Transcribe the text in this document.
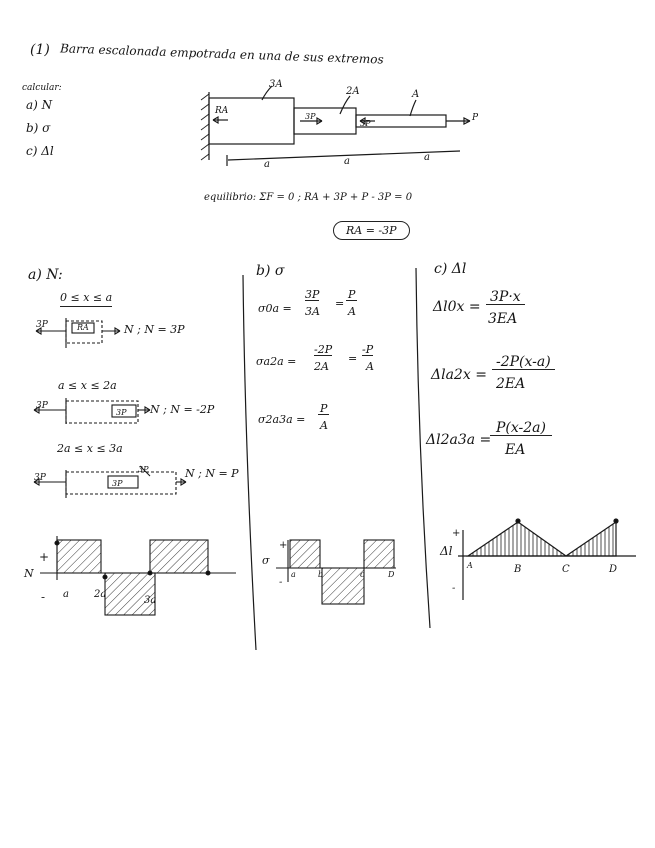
(1) Barra escalonada empotrada en una de sus extremos
calcular:
a) N
b) σ
c) Δl
3A
2A	A
RA
3P
3P
P
a	a	a
equilibrio: ΣF = 0 ; RA + 3P + P - 3P = 0
RA = -3P
a) N:
0 ≤ x ≤ a
3P	RA	N ; N = 3P
a ≤ x ≤ 2a
3P
3P N ; N = -2P
2a ≤ x ≤ 3a
3P
3P
3P	N ; N = P
N
+
- a	2a
3a
b) σ
σ0a =
3P
3A
=
P
A
σa2a =
-2P
2A
=
-P
A
σ2a3a =
P
A
σ
+
-
a	b	c	D
c) Δl
Δl0x =
3P·x
3EA
Δla2x =
-2P(x-a)
2EA
Δl2a3a =
P(x-2a)
EA
Δl
+
-
A	B	C	D
